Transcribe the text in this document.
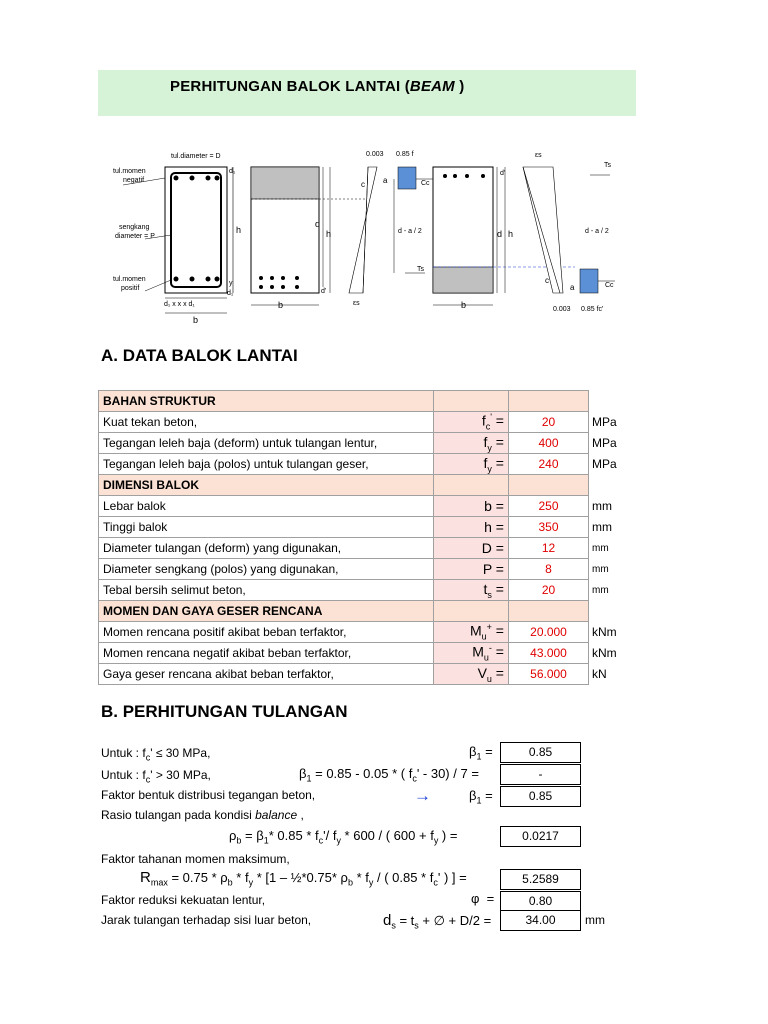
PERHITUNGAN BALOK LANTAI (BEAM )
tul.diameter = D
tul.momen
negatif
sengkang
diameter = P
tul.momen
positif
h
d₁
y
d₁
d₁ x x x d₁
b
d
h
b
d'
0.003 0.85 f
εs
c a	Cc
Ts
d - a / 2	d h
b
d'
εs
c
a	Cc
Ts
d - a / 2
0.003 0.85 fc'
A. DATA BALOK LANTAI
BAHAN STRUKTUR			
Kuat tekan beton,	$f_c'$ =	20	MPa
Tegangan leleh baja (deform) untuk tulangan lentur,	$f_y$ =	400	MPa
Tegangan leleh baja (polos) untuk tulangan geser,	$f_y$ =	240	MPa
DIMENSI BALOK			
Lebar balok	b =	250	mm
Tinggi balok	h =	350	mm
Diameter tulangan (deform) yang digunakan,	D =	12	mm
Diameter sengkang (polos) yang digunakan,	P =	8	mm
Tebal bersih selimut beton,	$t_s$ =	20	mm
MOMEN DAN GAYA GESER RENCANA			
Momen rencana positif akibat beban terfaktor,	$M_u^+$ =	20.000	kNm
Momen rencana negatif akibat beban terfaktor,	$M_u^-$ =	43.000	kNm
Gaya geser rencana akibat beban terfaktor,	$V_u$ =	56.000	kN
B. PERHITUNGAN TULANGAN
Untuk : $f_c' \le 30$ MPa,	$\beta_1$ =	0.85
Untuk : $f_c' > 30$ MPa,	$\beta_1 = 0.85 - 0.05$ * ( $f_c' - 30) / 7$ =	-
Faktor bentuk distribusi tegangan beton,	→	$\beta_1$ =	0.85
Rasio tulangan pada kondisi balance ,
$\rho_b = \beta_1*$ $0.85 * f_c'/$ $f_y * 600$ / ( $600 + f_y$ ) =	0.0217
Faktor tahanan momen maksimum,
$R_{max} = 0.75 * \rho_b * f_y * [1$ – ½*0.75* $\rho_b * f_y$ / ( $0.85 * f_c'$ ) ] =	5.2589
Faktor reduksi kekuatan lentur,	φ  =	0.80
Jarak tulangan terhadap sisi luar beton,	$d_s = t_s$ + ∅ + D/2 =	34.00	mm
